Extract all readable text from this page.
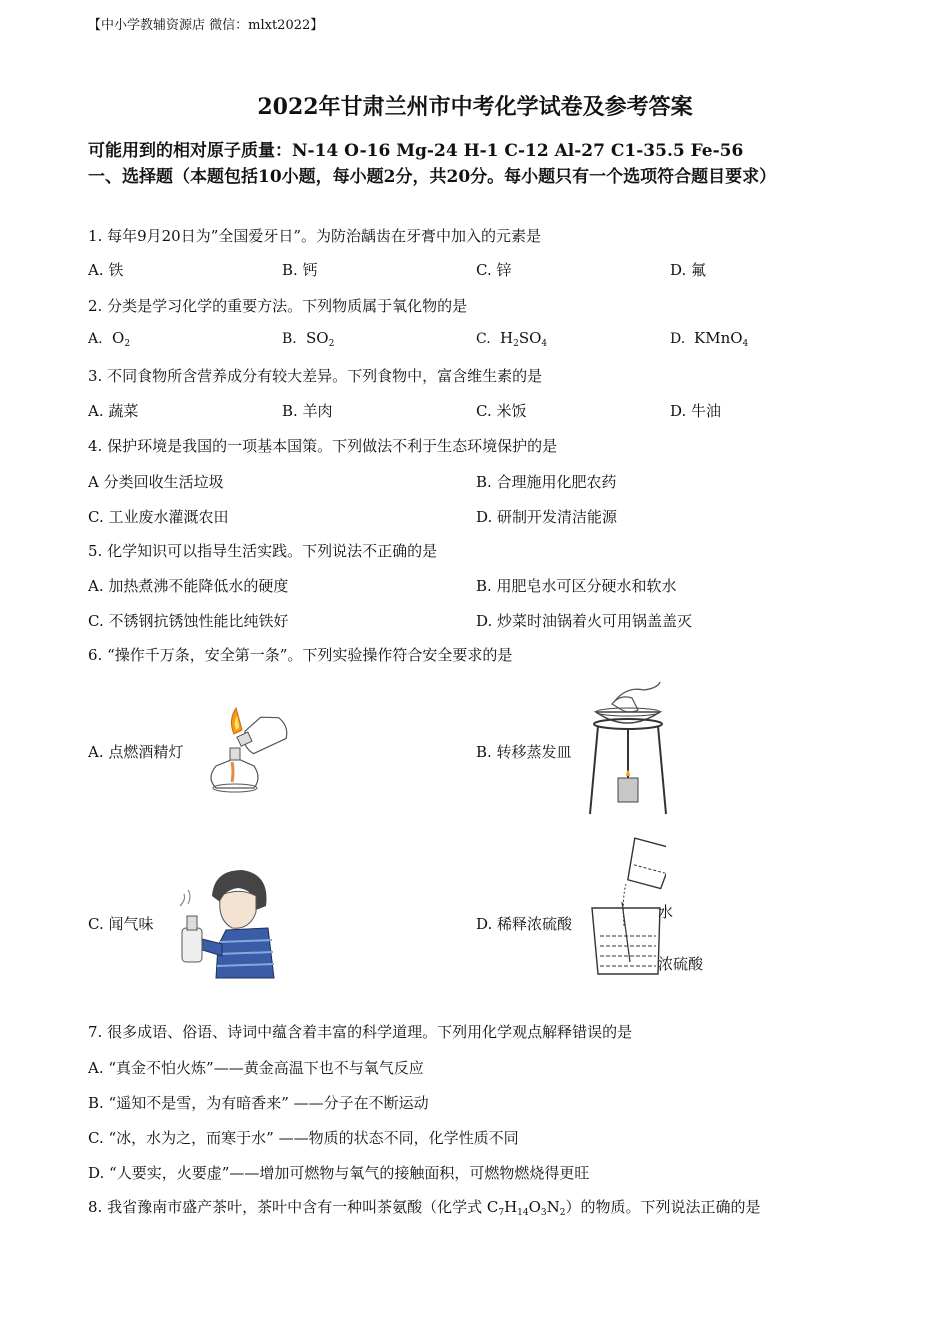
【中小学教辅资源店 微信：mlxt2022】
2022年甘肃兰州市中考化学试卷及参考答案
可能用到的相对原子质量：N-14 O-16 Mg-24 H-1 C-12 Al-27 C1-35.5 Fe-56
一、选择题（本题包括10小题，每小题2分，共20分。每小题只有一个选项符合题目要求）
1. 每年9月20日为”全国爱牙日”。为防治龋齿在牙膏中加入的元素是
A. 铁	B. 钙	C. 锌	D. 氟
2. 分类是学习化学的重要方法。下列物质属于氧化物的是
A. $O_2$	B. $SO_2$	C. $H_2SO_4$	D. KMnO$_4$
3. 不同食物所含营养成分有较大差异。下列食物中，富含维生素的是
A. 蔬菜	B. 羊肉	C. 米饭	D. 牛油
4. 保护环境是我国的一项基本国策。下列做法不利于生态环境保护的是
A 分类回收生活垃圾	B. 合理施用化肥农药
C. 工业废水灌溉农田	D. 研制开发清洁能源
5. 化学知识可以指导生活实践。下列说法不正确的是
A. 加热煮沸不能降低水的硬度	B. 用肥皂水可区分硬水和软水
C. 不锈钢抗锈蚀性能比纯铁好	D. 炒菜时油锅着火可用锅盖盖灭
6. “操作千万条，安全第一条”。下列实验操作符合安全要求的是
A. 点燃酒精灯	B. 转移蒸发皿
C. 闻气味	D. 稀释浓硫酸
水
浓硫酸
7. 很多成语、俗语、诗词中蕴含着丰富的科学道理。下列用化学观点解释错误的是
A. “真金不怕火炼”——黄金高温下也不与氧气反应
B. “遥知不是雪，为有暗香来” ——分子在不断运动
C. “冰，水为之，而寒于水” ——物质的状态不同，化学性质不同
D. “人要实，火要虚”——增加可燃物与氧气的接触面积，可燃物燃烧得更旺
8. 我省豫南市盛产茶叶，茶叶中含有一种叫茶氨酸（化学式 $C_7H_{14}O_3N_2$）的物质。下列说法正确的是
